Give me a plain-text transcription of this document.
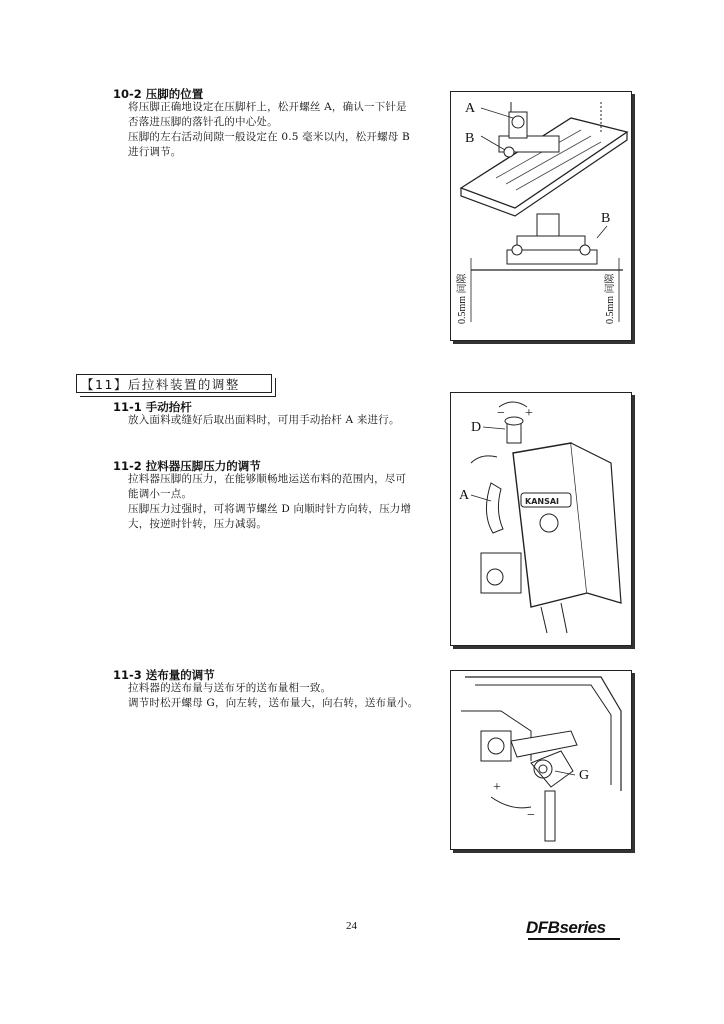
10-2 压脚的位置

将压脚正确地设定在压脚杆上，松开螺丝 A，确认一下针是

否落进压脚的落针孔的中心处。

压脚的左右活动间隙一般设定在 0.5 毫米以内，松开螺母 B

进行调节。

A
B
B
0.5mm 间隙	0.5mm 间隙
【11】后拉料装置的调整
11-1 手动抬杆

放入面料或缝好后取出面料时，可用手动抬杆 A 来进行。

11-2 拉料器压脚压力的调节

拉料器压脚的压力，在能够顺畅地运送布料的范围内，尽可

能调小一点。

压脚压力过强时，可将调节螺丝 D 向顺时针方向转，压力增

大，按逆时针转，压力减弱。

− +
D
KANSAI
A
11-3 送布量的调节

拉料器的送布量与送布牙的送布量相一致。

调节时松开螺母 G，向左转，送布量大，向右转，送布量小。

G
+
−
24	DFBseries
